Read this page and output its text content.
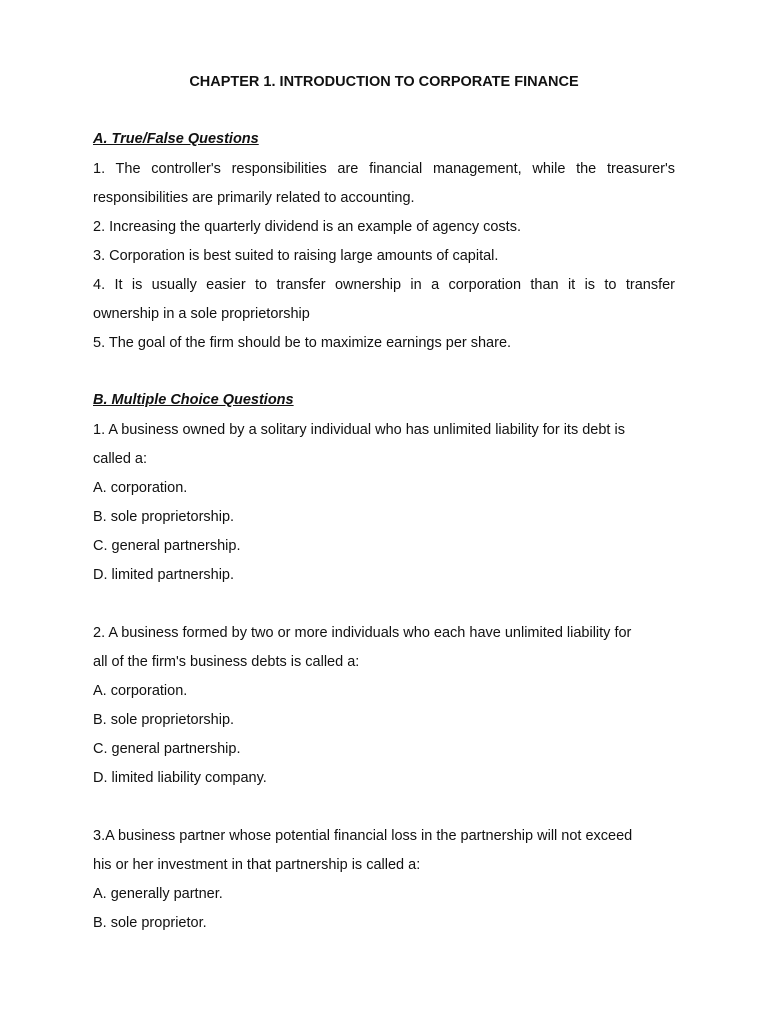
CHAPTER 1. INTRODUCTION TO CORPORATE FINANCE
A. True/False Questions
1. The controller's responsibilities are financial management, while the treasurer's
responsibilities are primarily related to accounting.
2. Increasing the quarterly dividend is an example of agency costs.
3. Corporation is best suited to raising large amounts of capital.
4. It is usually easier to transfer ownership in a corporation than it is to transfer
ownership in a sole proprietorship
5. The goal of the firm should be to maximize earnings per share.
B. Multiple Choice Questions
1. A business owned by a solitary individual who has unlimited liability for its debt is
called a:
A. corporation.
B. sole proprietorship.
C. general partnership.
D. limited partnership.
2. A business formed by two or more individuals who each have unlimited liability for
all of the firm's business debts is called a:
A. corporation.
B. sole proprietorship.
C. general partnership.
D. limited liability company.
3.A business partner whose potential financial loss in the partnership will not exceed
his or her investment in that partnership is called a:
A. generally partner.
B. sole proprietor.
